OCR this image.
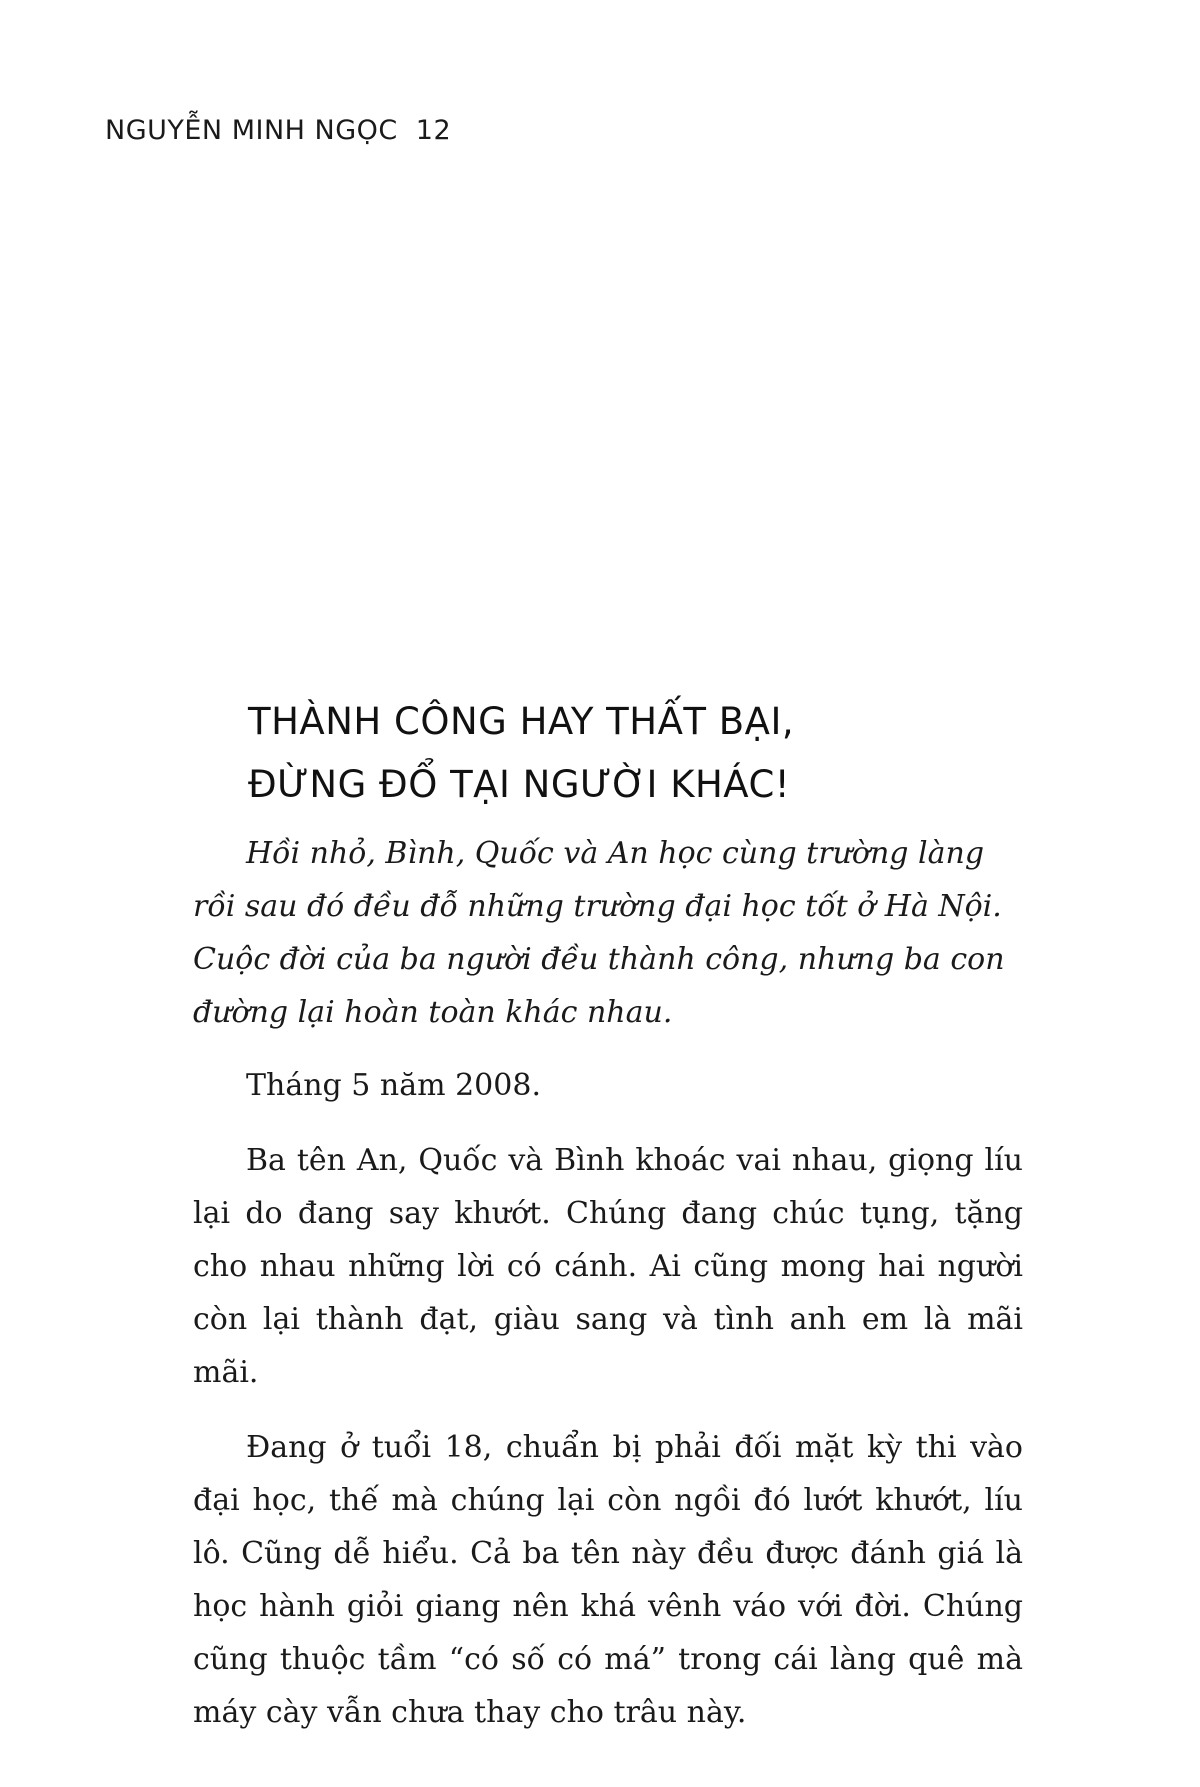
NGUYỄN MINH NGỌC 12
THÀNH CÔNG HAY THẤT BẠI,
ĐỪNG ĐỔ TẠI NGƯỜI KHÁC!

Hồi nhỏ, Bình, Quốc và An học cùng trường làng rồi sau đó đều đỗ những trường đại học tốt ở Hà Nội. Cuộc đời của ba người đều thành công, nhưng ba con đường lại hoàn toàn khác nhau.

Tháng 5 năm 2008.

Ba tên An, Quốc và Bình khoác vai nhau, giọng líu lại do đang say khướt. Chúng đang chúc tụng, tặng cho nhau những lời có cánh. Ai cũng mong hai người còn lại thành đạt, giàu sang và tình anh em là mãi mãi.

Đang ở tuổi 18, chuẩn bị phải đối mặt kỳ thi vào đại học, thế mà chúng lại còn ngồi đó lướt khướt, líu lô. Cũng dễ hiểu. Cả ba tên này đều được đánh giá là học hành giỏi giang nên khá vênh váo với đời. Chúng cũng thuộc tầm “có số có má” trong cái làng quê mà máy cày vẫn chưa thay cho trâu này.
